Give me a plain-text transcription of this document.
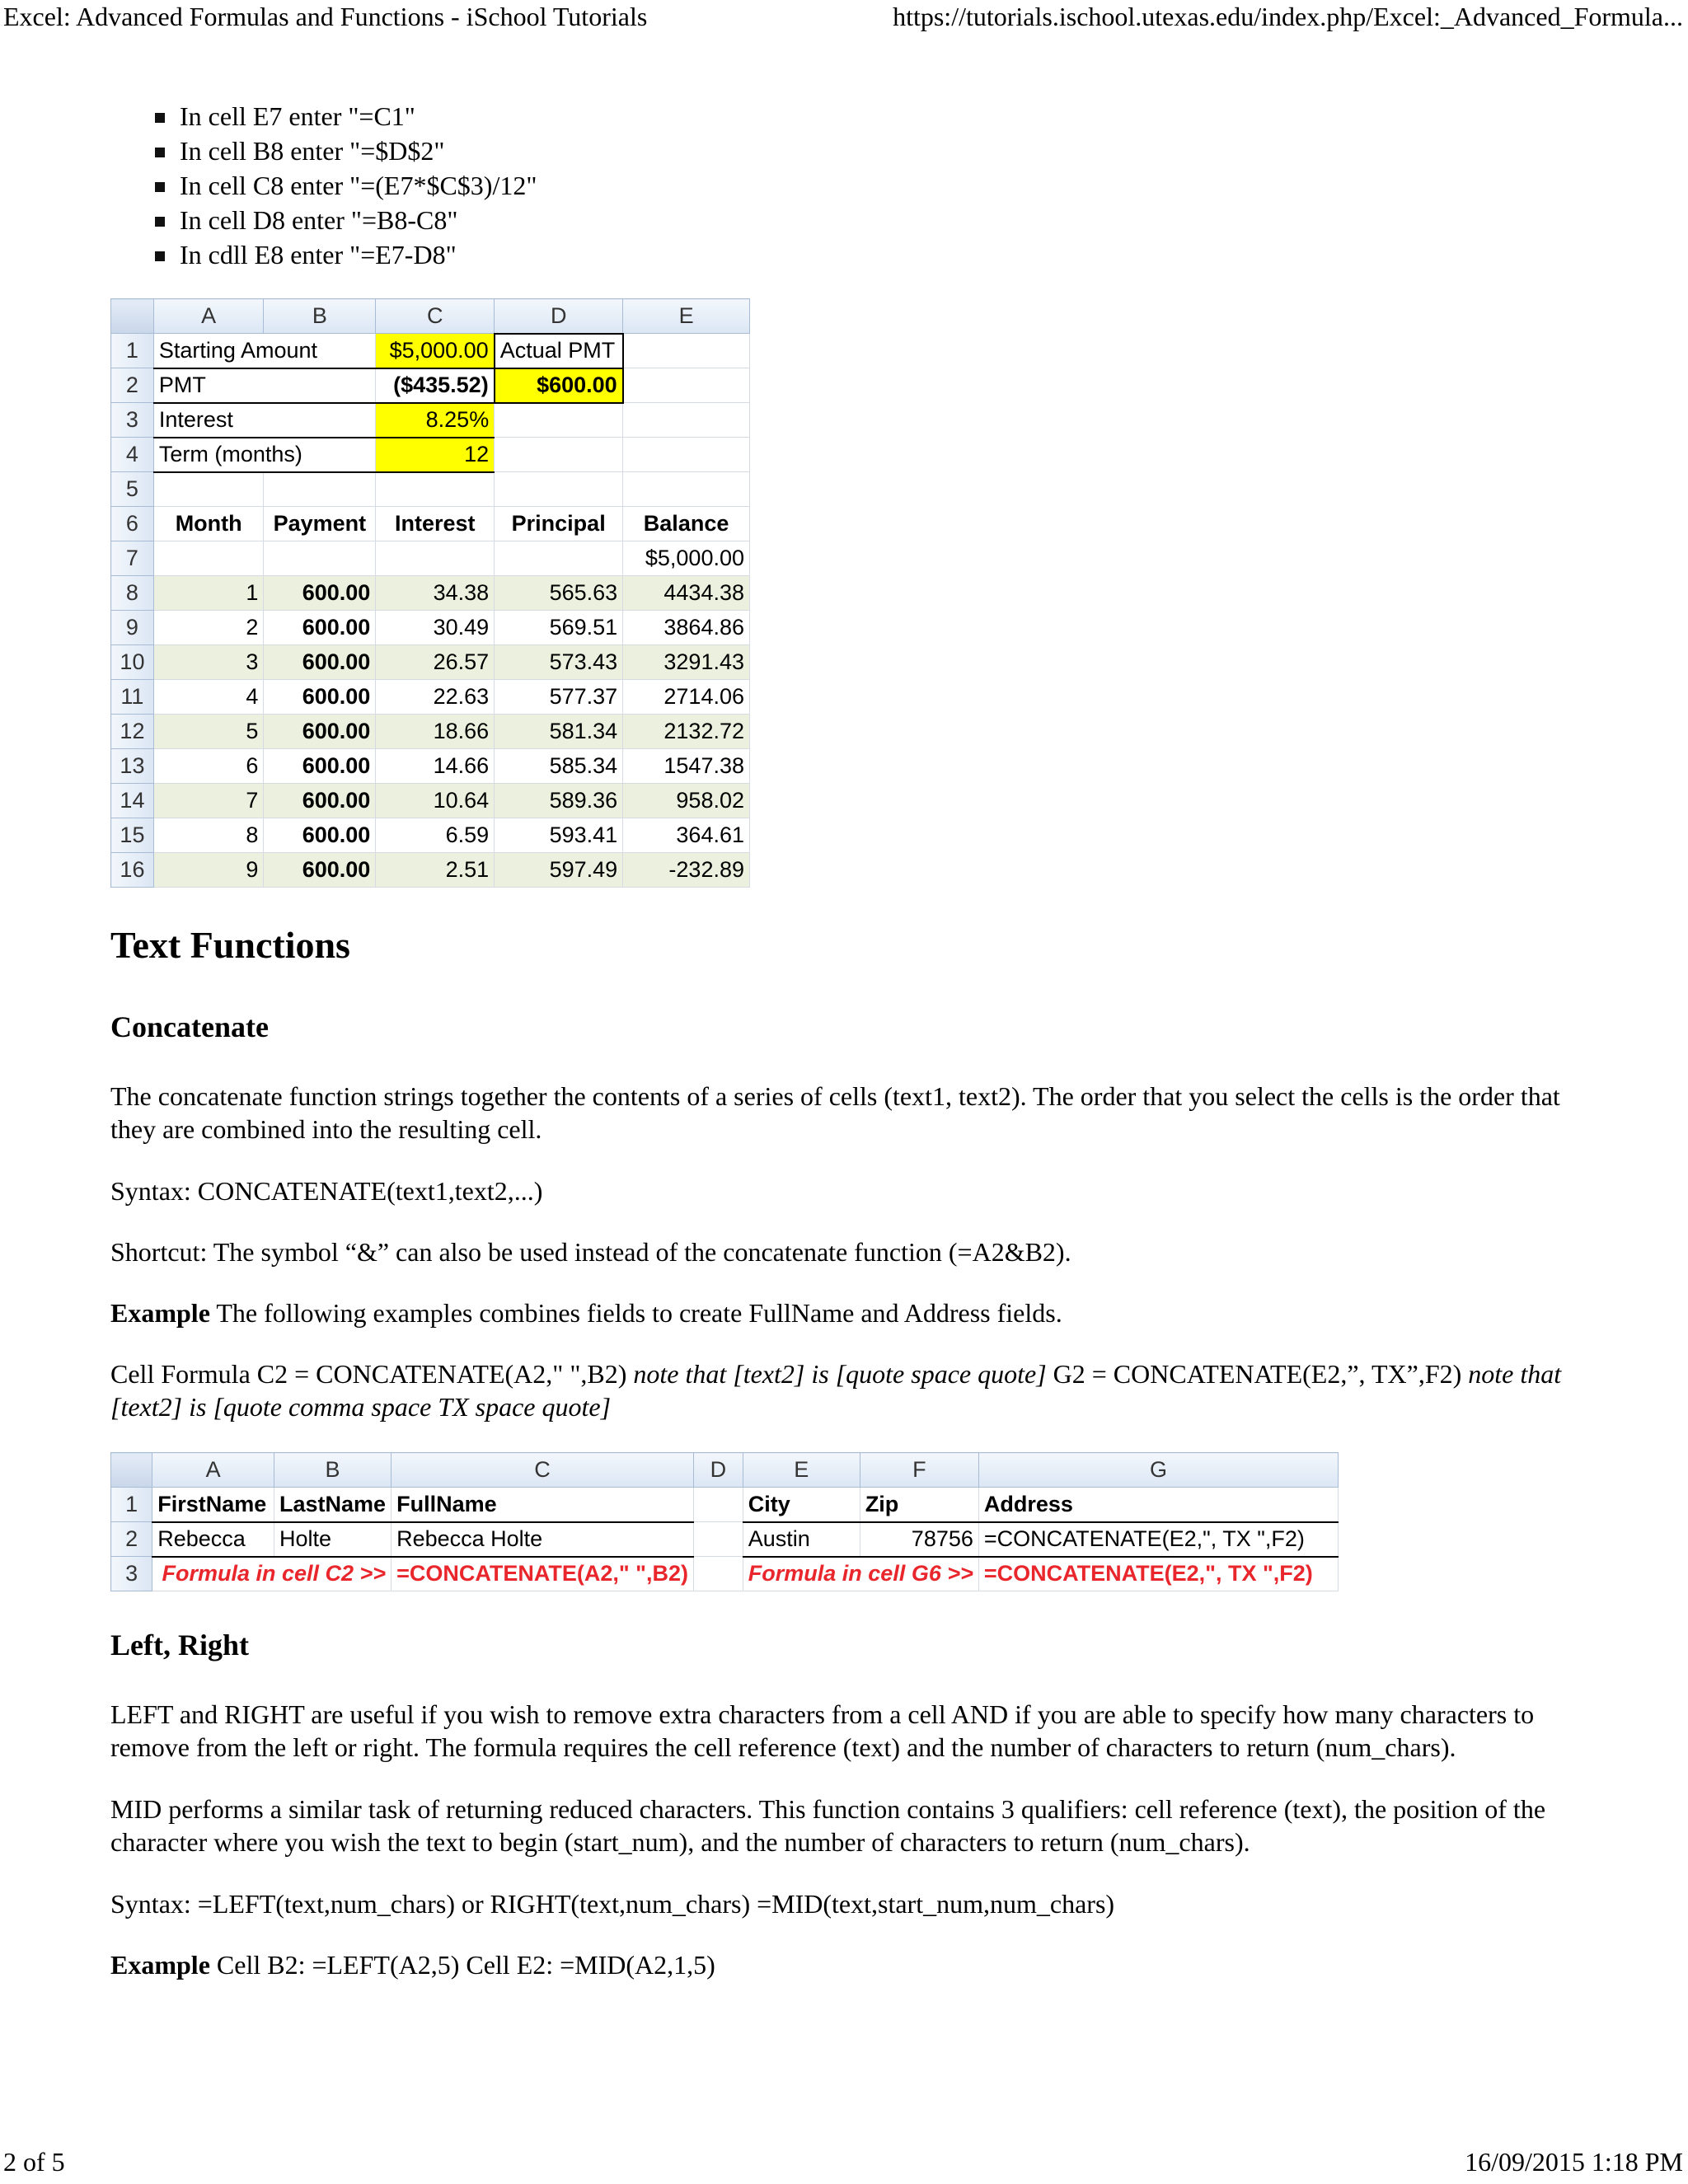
Excel: Advanced Formulas and Functions - iSchool Tutorials	https://tutorials.ischool.utexas.edu/index.php/Excel:_Advanced_Formula...
In cell E7 enter "=C1"
In cell B8 enter "=$D$2"
In cell C8 enter "=(E7*$C$3)/12"
In cell D8 enter "=B8-C8"
In cdll E8 enter "=E7-D8"
	A	B	C	D	E
1	Starting Amount		$5,000.00	Actual PMT	
2	PMT		($435.52)	$600.00	
3	Interest		8.25%		
4	Term (months)		12		
5					
6	Month	Payment	Interest	Principal	Balance
7					$5,000.00
8	1	600.00	34.38	565.63	4434.38
9	2	600.00	30.49	569.51	3864.86
10	3	600.00	26.57	573.43	3291.43
11	4	600.00	22.63	577.37	2714.06
12	5	600.00	18.66	581.34	2132.72
13	6	600.00	14.66	585.34	1547.38
14	7	600.00	10.64	589.36	958.02
15	8	600.00	6.59	593.41	364.61
16	9	600.00	2.51	597.49	-232.89
Text Functions
Concatenate

The concatenate function strings together the contents of a series of cells (text1, text2). The order that you select the cells is the order that they are combined into the resulting cell.

Syntax: CONCATENATE(text1,text2,...)

Shortcut: The symbol “&” can also be used instead of the concatenate function (=A2&B2).

Example The following examples combines fields to create FullName and Address fields.

Cell Formula C2 = CONCATENATE(A2," ",B2) note that [text2] is [quote space quote] G2 = CONCATENATE(E2,”, TX”,F2) note that [text2] is [quote comma space TX space quote]

	A	B	C	D	E	F	G
1	FirstName	LastName	FullName		City	Zip	Address
2	Rebecca	Holte	Rebecca Holte		Austin	78756	=CONCATENATE(E2,", TX ",F2)
3	Formula in cell C2 >>		=CONCATENATE(A2," ",B2)		Formula in cell G6 >>		=CONCATENATE(E2,", TX ",F2)
Left, Right

LEFT and RIGHT are useful if you wish to remove extra characters from a cell AND if you are able to specify how many characters to remove from the left or right. The formula requires the cell reference (text) and the number of characters to return (num_chars).

MID performs a similar task of returning reduced characters. This function contains 3 qualifiers: cell reference (text), the position of the character where you wish the text to begin (start_num), and the number of characters to return (num_chars).

Syntax: =LEFT(text,num_chars) or RIGHT(text,num_chars) =MID(text,start_num,num_chars)

Example Cell B2: =LEFT(A2,5) Cell E2: =MID(A2,1,5)

2 of 5	16/09/2015 1:18 PM
